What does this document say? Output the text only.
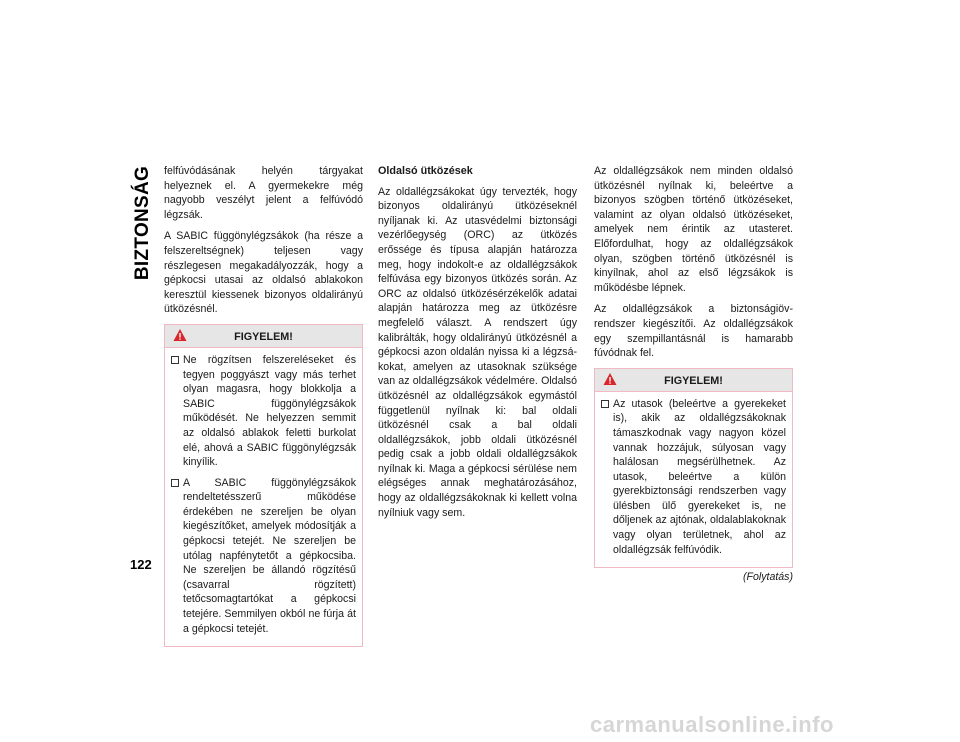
BIZTONSÁG felfúvódásának helyén tárgyakat helyeznek el. A gyermekekre még nagyobb veszélyt jelent a felfúvódó légzsák.

A SABIC függönylégzsákok (ha része a felszereltségnek) teljesen vagy részlegesen megakadályozzák, hogy a gépkocsi utasai az oldalsó ablakokon keresztül kiessenek bizonyos oldalirányú ütközésnél.

FIGYELEM!
Ne rögzítsen felszereléseket és tegyen poggyászt vagy más terhet olyan magasra, hogy blokkolja a SABIC függönylégzsákok működését. Ne helyezzen semmit az oldalsó ablakok feletti burkolat elé, ahová a SABIC függönylégzsák kinyílik.
A SABIC függönylégzsákok rendeltetésszerű működése érdekében ne szereljen be olyan kiegészítőket, amelyek módosítják a gépkocsi tetejét. Ne szereljen be utólag napfénytetőt a gépkocsiba. Ne szereljen be állandó rögzítésű (csavarral rögzített) tetőcsomagtartókat a gépkocsi tetejére. Semmilyen okból ne fúrja át a gépkocsi tetejét.
Oldalsó ütközések

Az oldallégzsákokat úgy tervezték, hogy bizonyos oldalirányú ütközéseknél nyíljanak ki. Az utasvédelmi biztonsági vezérlőegység (ORC) az ütközés erőssége és típusa alapján határozza meg, hogy indokolt-e az oldallégzsákok felfúvása egy bizonyos ütközés során. Az ORC az oldalsó ütközésérzékelők adatai alapján határozza meg az ütközésre megfelelő választ. A rendszert úgy kalibrálták, hogy oldalirányú ütközésnél a gépkocsi azon oldalán nyissa ki a légzsákokat, amelyen az utasoknak szüksége van az oldallégzsákok védelmére. Oldalsó ütközésnél az oldallégzsákok egymástól függetlenül nyílnak ki: bal oldali ütközésnél csak a bal oldali oldallégzsákok, jobb oldali ütközésnél pedig csak a jobb oldali oldallégzsákok nyílnak ki. Maga a gépkocsi sérülése nem elégséges annak meghatározásához, hogy az oldallégzsákoknak ki kellett volna nyílniuk vagy sem.

Az oldallégzsákok nem minden oldalsó ütközésnél nyílnak ki, beleértve a bizonyos szögben történő ütközéseket, valamint az olyan oldalsó ütközéseket, amelyek nem érintik az utasteret. Előfordulhat, hogy az oldallégzsákok olyan, szögben történő ütközésnél is kinyílnak, ahol az első légzsákok is működésbe lépnek.

Az oldallégzsákok a biztonságiöv-rendszer kiegészítői. Az oldallégzsákok egy szempillantásnál is hamarabb fúvódnak fel.

FIGYELEM!
Az utasok (beleértve a gyerekeket is), akik az oldallégzsákoknak támaszkodnak vagy nagyon közel vannak hozzájuk, súlyosan vagy halálosan megsérülhetnek. Az utasok, beleértve a külön gyerekbiztonsági rendszerben vagy ülésben ülő gyerekeket is, ne dőljenek az ajtónak, oldalablakoknak vagy olyan területnek, ahol az oldallégzsák felfúvódik.
(Folytatás)
122
carmanualsonline.info
